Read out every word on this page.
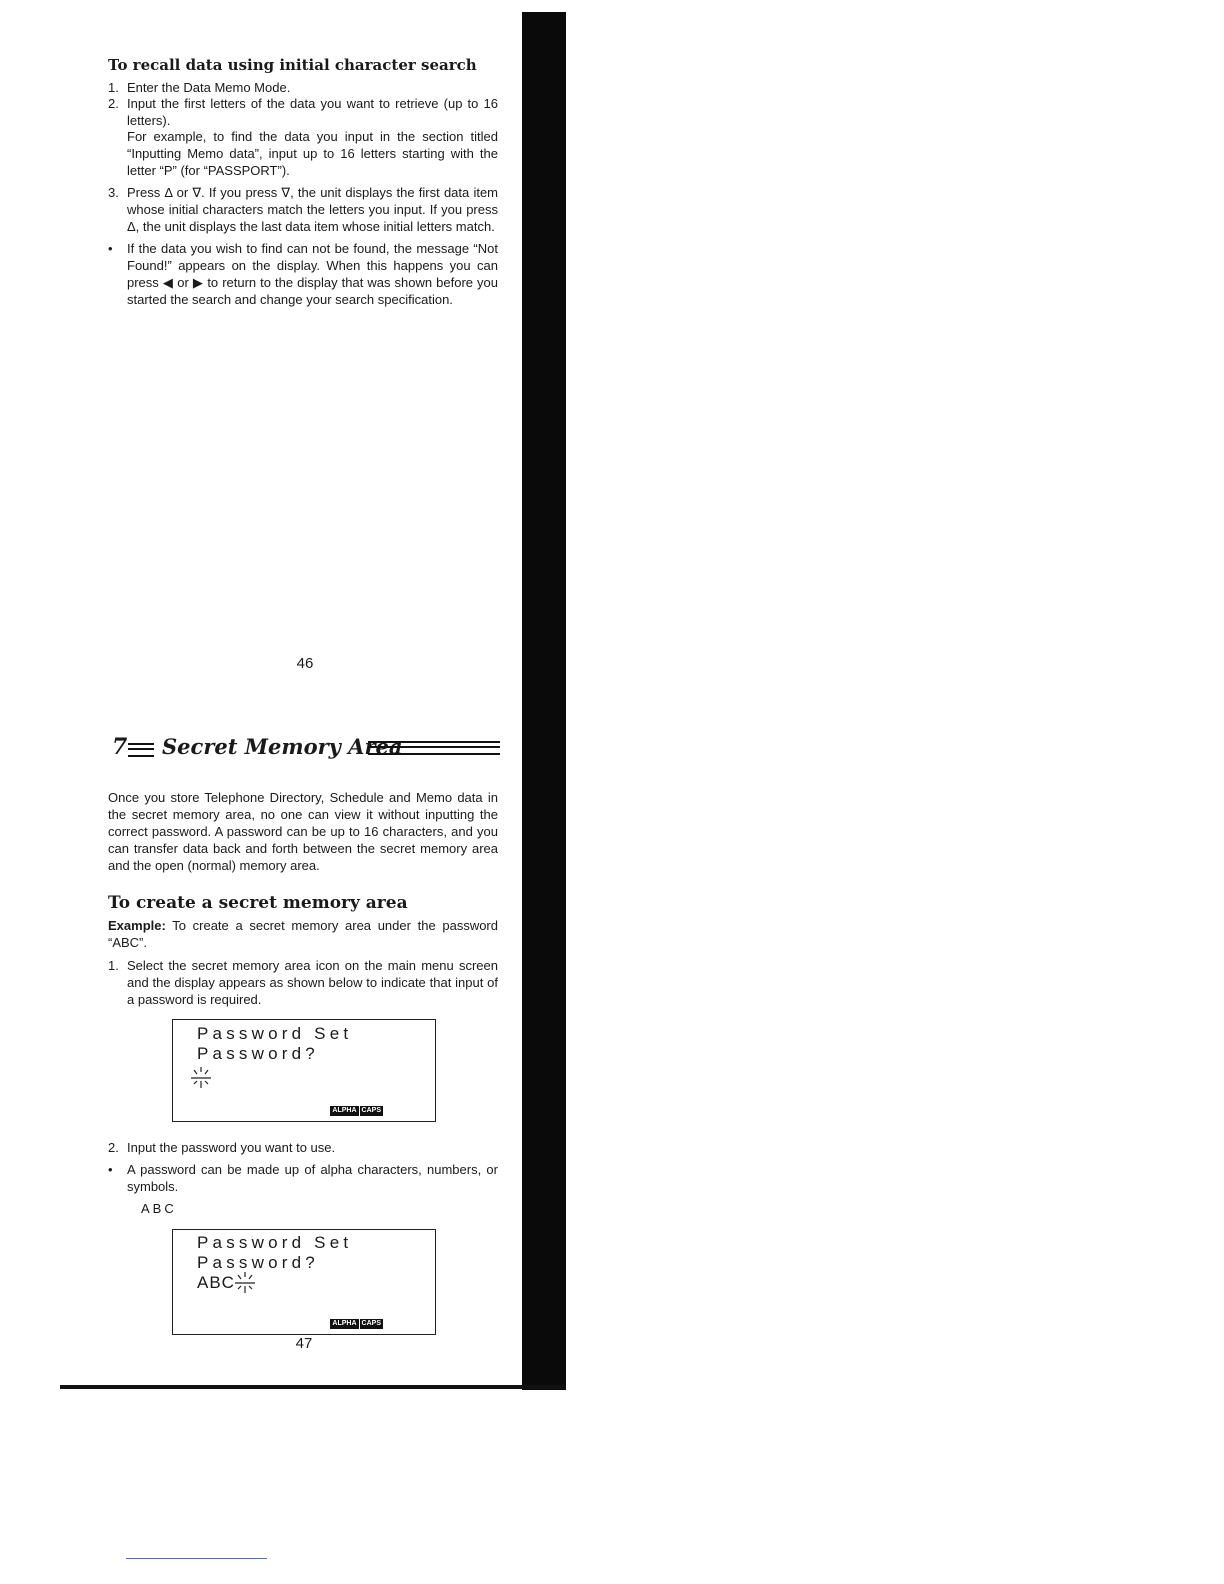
To recall data using initial character search
1. Enter the Data Memo Mode.
2. Input the first letters of the data you want to retrieve (up to 16 letters).
For example, to find the data you input in the section titled “Inputting Memo data”, input up to 16 letters starting with the letter “P” (for “PASSPORT”).
3. Press Δ or ∇. If you press ∇, the unit displays the first data item whose initial characters match the letters you input. If you press Δ, the unit displays the last data item whose initial letters match.
• If the data you wish to find can not be found, the message “Not Found!” appears on the display. When this happens you can press ◀ or ▶ to return to the display that was shown before you started the search and change your search specification.
46
7 Secret Memory Area
Once you store Telephone Directory, Schedule and Memo data in the secret memory area, no one can view it without inputting the correct password. A password can be up to 16 characters, and you can transfer data back and forth between the secret memory area and the open (normal) memory area.
To create a secret memory area
Example: To create a secret memory area under the password “ABC”.
1. Select the secret memory area icon on the main menu screen and the display appears as shown below to indicate that input of a password is required.
Password Set
Password?
ALPHA CAPS
2. Input the password you want to use.
• A password can be made up of alpha characters, numbers, or symbols.
ABC
Password Set
Password?
ABC
ALPHA CAPS
47
